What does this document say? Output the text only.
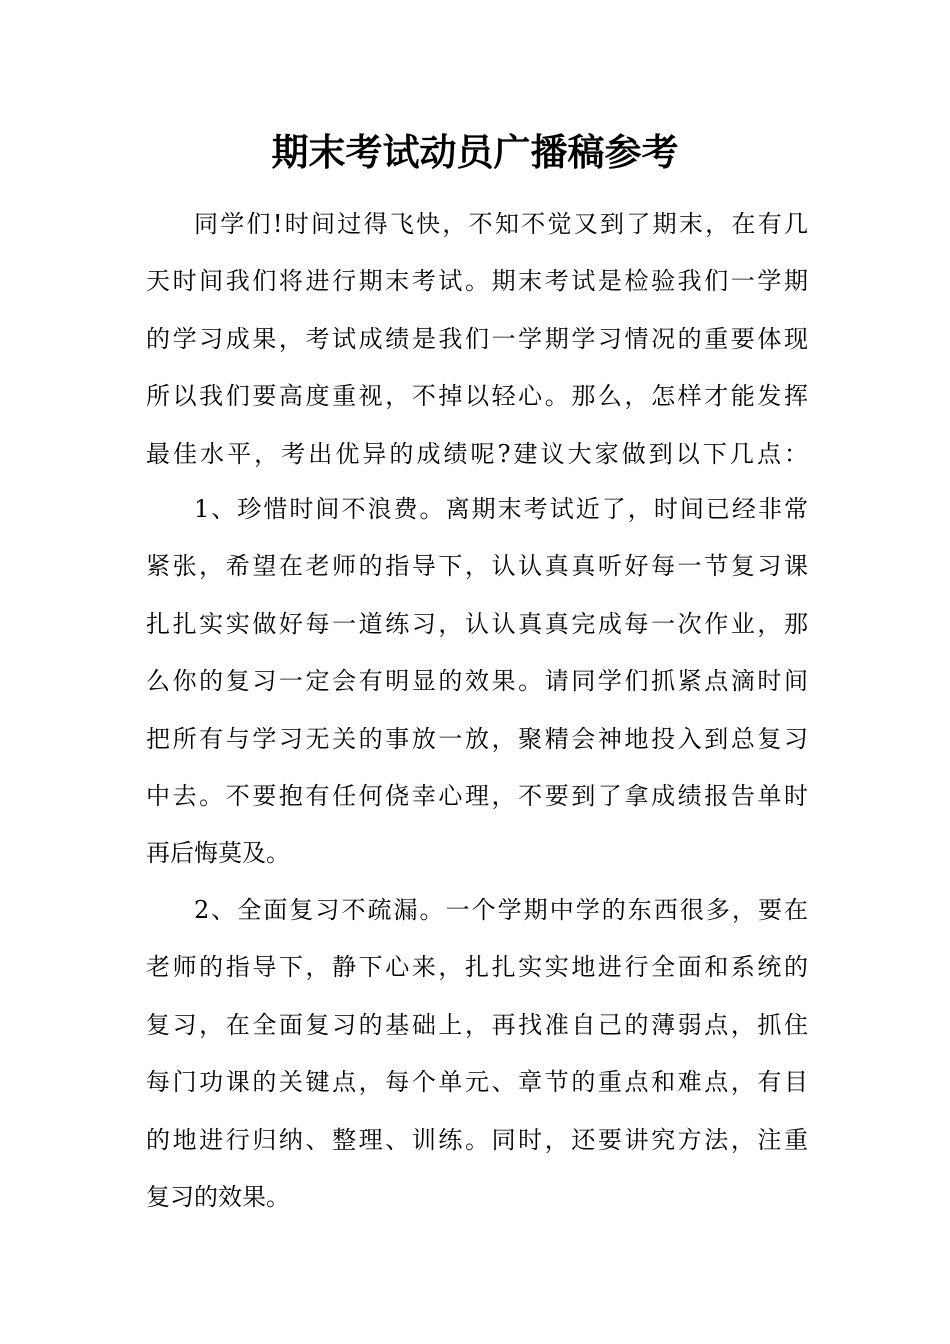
期末考试动员广播稿参考
同学们!时间过得飞快，不知不觉又到了期末，在有几
天时间我们将进行期末考试。期末考试是检验我们一学期
的学习成果，考试成绩是我们一学期学习情况的重要体现
所以我们要高度重视，不掉以轻心。那么，怎样才能发挥
最佳水平，考出优异的成绩呢?建议大家做到以下几点：
1、珍惜时间不浪费。离期末考试近了，时间已经非常
紧张，希望在老师的指导下，认认真真听好每一节复习课
扎扎实实做好每一道练习，认认真真完成每一次作业，那
么你的复习一定会有明显的效果。请同学们抓紧点滴时间
把所有与学习无关的事放一放，聚精会神地投入到总复习
中去。不要抱有任何侥幸心理，不要到了拿成绩报告单时
再后悔莫及。
2、全面复习不疏漏。一个学期中学的东西很多，要在
老师的指导下，静下心来，扎扎实实地进行全面和系统的
复习，在全面复习的基础上，再找准自己的薄弱点，抓住
每门功课的关键点，每个单元、章节的重点和难点，有目
的地进行归纳、整理、训练。同时，还要讲究方法，注重
复习的效果。
